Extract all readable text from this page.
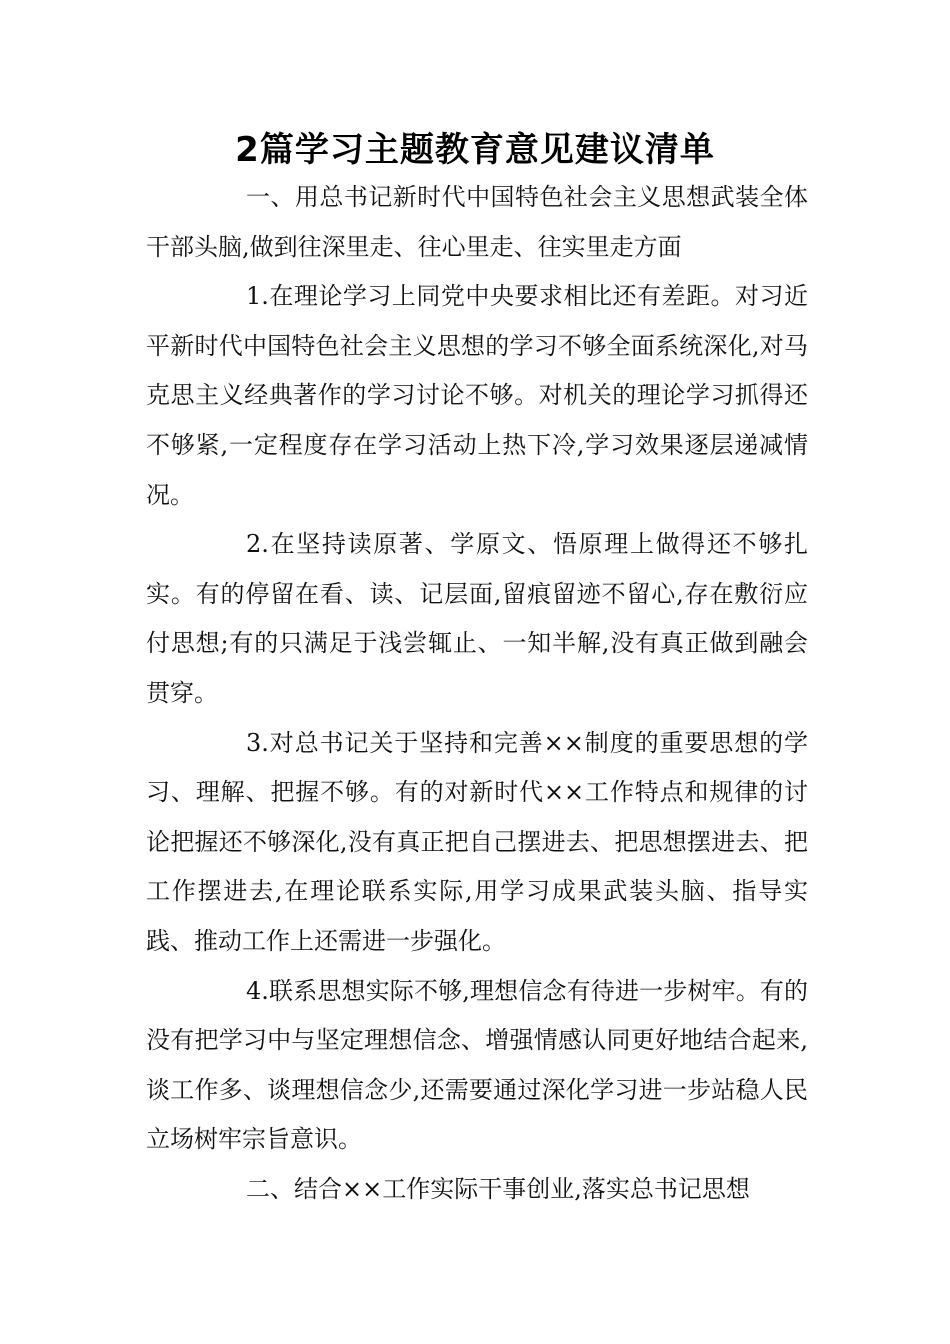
2篇学习主题教育意见建议清单

一、用总书记新时代中国特色社会主义思想武装全体干部头脑,做到往深里走、往心里走、往实里走方面

1.在理论学习上同党中央要求相比还有差距。对习近平新时代中国特色社会主义思想的学习不够全面系统深化,对马克思主义经典著作的学习讨论不够。对机关的理论学习抓得还不够紧,一定程度存在学习活动上热下冷,学习效果逐层递减情况。

2.在坚持读原著、学原文、悟原理上做得还不够扎实。有的停留在看、读、记层面,留痕留迹不留心,存在敷衍应付思想;有的只满足于浅尝辄止、一知半解,没有真正做到融会贯穿。

3.对总书记关于坚持和完善××制度的重要思想的学习、理解、把握不够。有的对新时代××工作特点和规律的讨论把握还不够深化,没有真正把自己摆进去、把思想摆进去、把工作摆进去,在理论联系实际,用学习成果武装头脑、指导实践、推动工作上还需进一步强化。

4.联系思想实际不够,理想信念有待进一步树牢。有的没有把学习中与坚定理想信念、增强情感认同更好地结合起来,谈工作多、谈理想信念少,还需要通过深化学习进一步站稳人民立场树牢宗旨意识。

二、结合××工作实际干事创业,落实总书记思想
